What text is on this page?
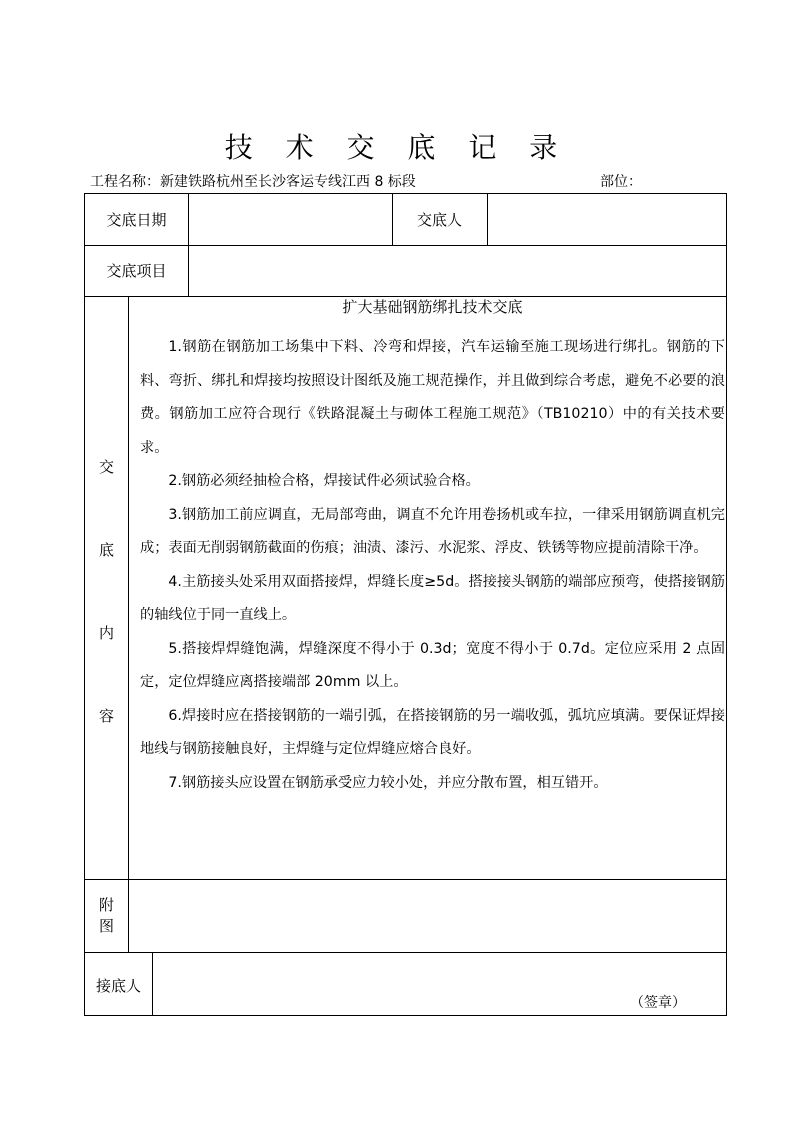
技 术 交 底 记 录
工程名称：新建铁路杭州至长沙客运专线江西 8 标段	部位：
交底日期	交底人
交底项目
交
底
内
容
扩大基础钢筋绑扎技术交底

1.钢筋在钢筋加工场集中下料、冷弯和焊接，汽车运输至施工现场进行绑扎。钢筋的下料、弯折、绑扎和焊接均按照设计图纸及施工规范操作，并且做到综合考虑，避免不必要的浪费。钢筋加工应符合现行《铁路混凝土与砌体工程施工规范》（TB10210）中的有关技术要求。

2.钢筋必须经抽检合格，焊接试件必须试验合格。

3.钢筋加工前应调直，无局部弯曲，调直不允许用卷扬机或车拉，一律采用钢筋调直机完成；表面无削弱钢筋截面的伤痕；油渍、漆污、水泥浆、浮皮、铁锈等物应提前清除干净。

4.主筋接头处采用双面搭接焊，焊缝长度≥5d。搭接接头钢筋的端部应预弯，使搭接钢筋的轴线位于同一直线上。

5.搭接焊焊缝饱满，焊缝深度不得小于 0.3d；宽度不得小于 0.7d。定位应采用 2 点固定，定位焊缝应离搭接端部 20mm 以上。

6.焊接时应在搭接钢筋的一端引弧，在搭接钢筋的另一端收弧，弧坑应填满。要保证焊接地线与钢筋接触良好，主焊缝与定位焊缝应熔合良好。

7.钢筋接头应设置在钢筋承受应力较小处，并应分散布置，相互错开。

附
图
接底人
（签章）
